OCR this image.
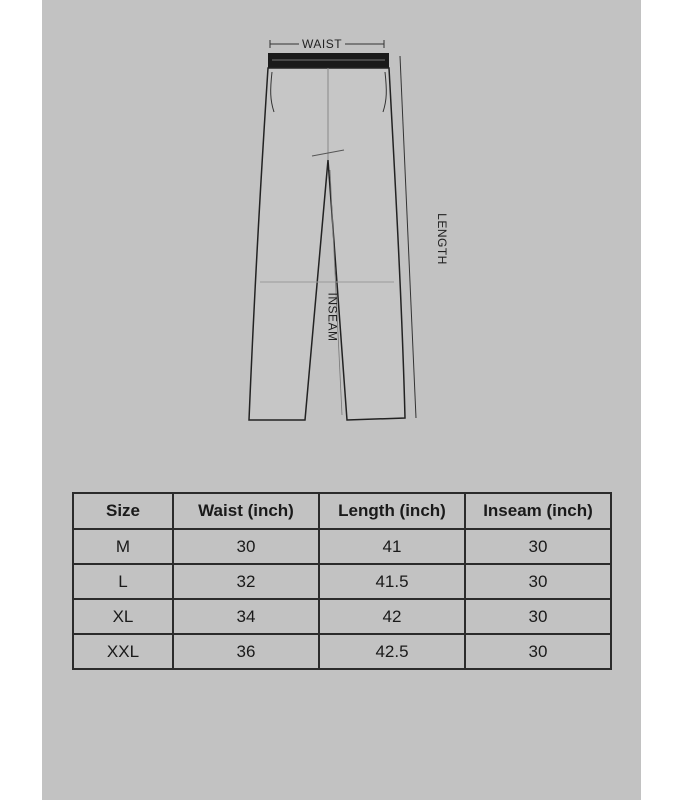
WAIST
LENGTH
INSEAM
Size	Waist (inch)	Length (inch)	Inseam (inch)
M	30	41	30
L	32	41.5	30
XL	34	42	30
XXL	36	42.5	30
